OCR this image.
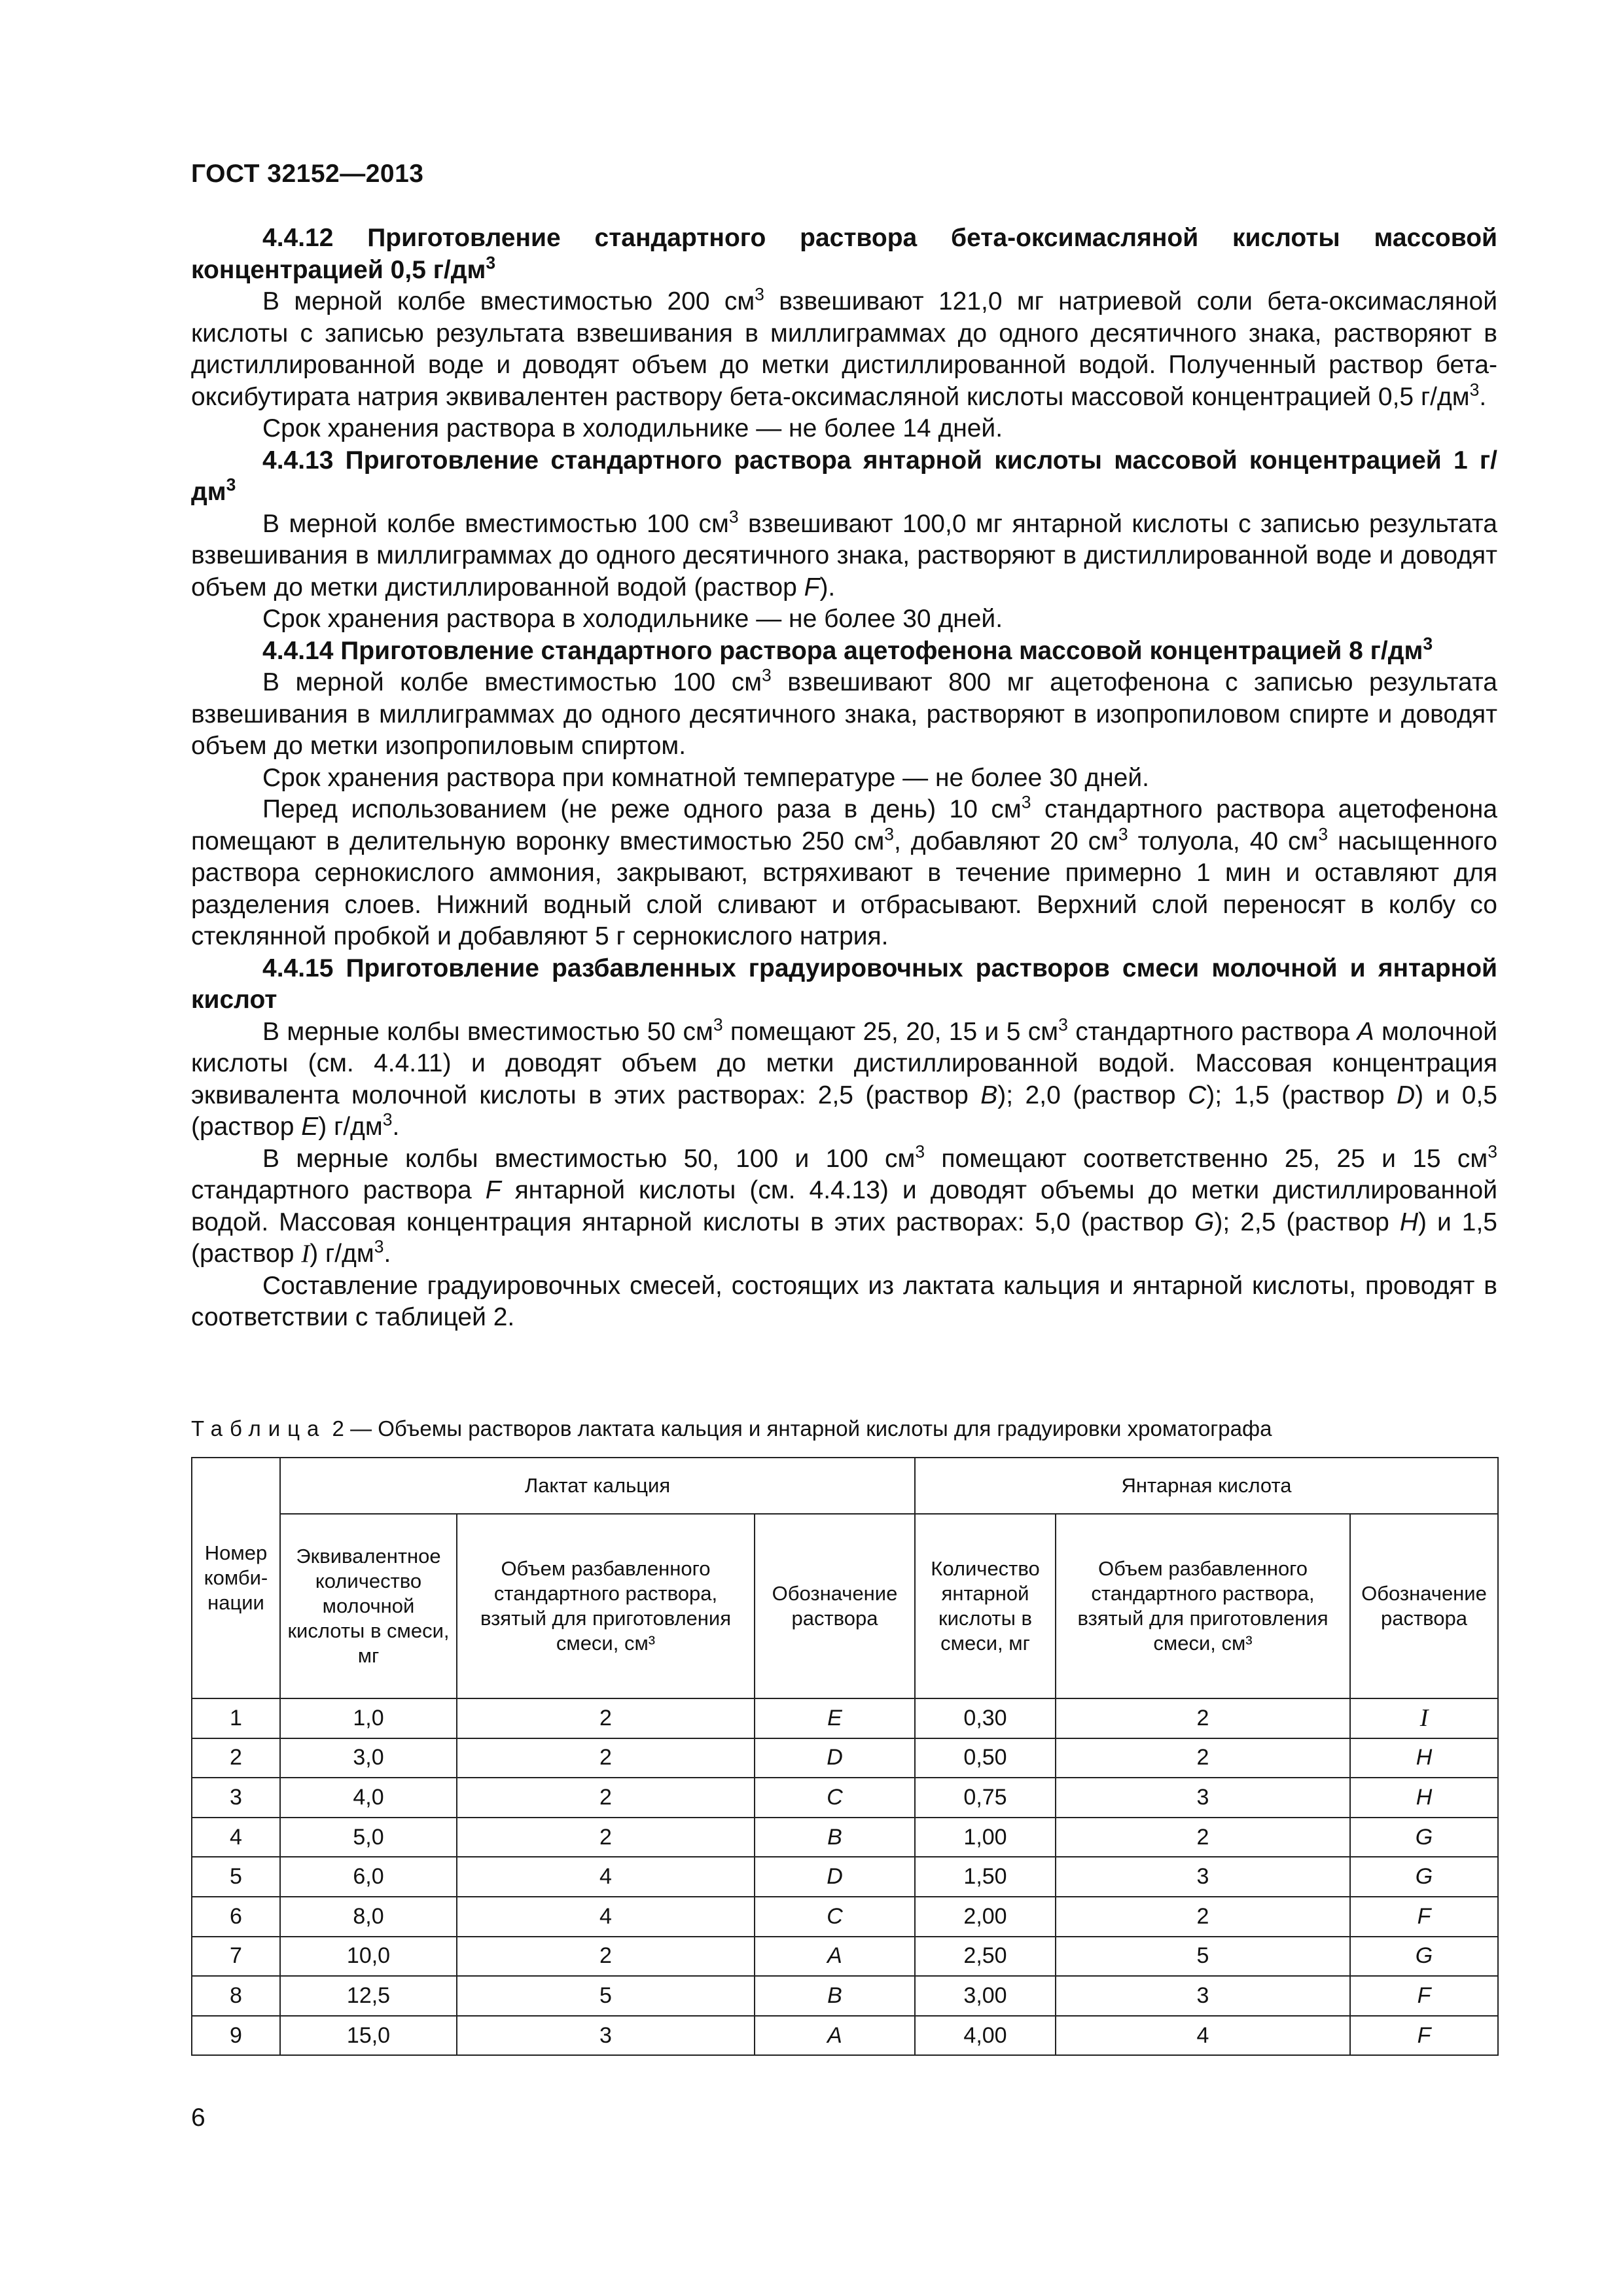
ГОСТ 32152—2013

4.4.12 Приготовление стандартного раствора бета-оксимасляной кислоты массовой концентрацией 0,5 $г/дм^3$

В мерной колбе вместимостью 200 $см^3$ взвешивают 121,0 мг натриевой соли бета-оксимасляной кислоты с записью результата взвешивания в миллиграммах до одного десятичного знака, растворяют в дистиллированной воде и доводят объем до метки дистиллированной водой. Полученный раствор бета-оксибутирата натрия эквивалентен раствору бета-оксимасляной кислоты массовой концентрацией 0,5 $г/дм^3$.

Срок хранения раствора в холодильнике — не более 14 дней.

4.4.13 Приготовление стандартного раствора янтарной кислоты массовой концентрацией 1 $г/дм^3$

В мерной колбе вместимостью 100 $см^3$ взвешивают 100,0 мг янтарной кислоты с записью результата взвешивания в миллиграммах до одного десятичного знака, растворяют в дистиллированной воде и доводят объем до метки дистиллированной водой (раствор F).

Срок хранения раствора в холодильнике — не более 30 дней.

4.4.14 Приготовление стандартного раствора ацетофенона массовой концентрацией 8 $г/дм^3$

В мерной колбе вместимостью 100 $см^3$ взвешивают 800 мг ацетофенона с записью результата взвешивания в миллиграммах до одного десятичного знака, растворяют в изопропиловом спирте и доводят объем до метки изопропиловым спиртом.

Срок хранения раствора при комнатной температуре — не более 30 дней.

Перед использованием (не реже одного раза в день) 10 $см^3$ стандартного раствора ацетофенона помещают в делительную воронку вместимостью 250 $см^3$, добавляют 20 $см^3$ толуола, 40 $см^3$ насыщенного раствора сернокислого аммония, закрывают, встряхивают в течение примерно 1 мин и оставляют для разделения слоев. Нижний водный слой сливают и отбрасывают. Верхний слой переносят в колбу со стеклянной пробкой и добавляют 5 г сернокислого натрия.

4.4.15 Приготовление разбавленных градуировочных растворов смеси молочной и янтарной кислот

В мерные колбы вместимостью 50 $см^3$ помещают 25, 20, 15 и 5 $см^3$ стандартного раствора A молочной кислоты (см. 4.4.11) и доводят объем до метки дистиллированной водой. Массовая концентрация эквивалента молочной кислоты в этих растворах: 2,5 (раствор B); 2,0 (раствор C); 1,5 (раствор D) и 0,5 (раствор E) $г/дм^3$.

В мерные колбы вместимостью 50, 100 и 100 $см^3$ помещают соответственно 25, 25 и 15 $см^3$ стандартного раствора F янтарной кислоты (см. 4.4.13) и доводят объемы до метки дистиллированной водой. Массовая концентрация янтарной кислоты в этих растворах: 5,0 (раствор G); 2,5 (раствор H) и 1,5 (раствор I) $г/дм^3$.

Составление градуировочных смесей, состоящих из лактата кальция и янтарной кислоты, проводят в соответствии с таблицей 2.

Таблица 2 — Объемы растворов лактата кальция и янтарной кислоты для градуировки хроматографа
Номер комби-нации	Лактат кальция			Янтарная кислота		
	Эквивалентное количество молочной кислоты в смеси, мг	Объем разбавленного стандартного раствора, взятый для приготовления смеси, см³	Обозначение раствора	Количество янтарной кислоты в смеси, мг	Объем разбавленного стандартного раствора, взятый для приготовления смеси, см³	Обозначение раствора
1	1,0	2	E	0,30	2	I
2	3,0	2	D	0,50	2	H
3	4,0	2	C	0,75	3	H
4	5,0	2	B	1,00	2	G
5	6,0	4	D	1,50	3	G
6	8,0	4	C	2,00	2	F
7	10,0	2	A	2,50	5	G
8	12,5	5	B	3,00	3	F
9	15,0	3	A	4,00	4	F
6
